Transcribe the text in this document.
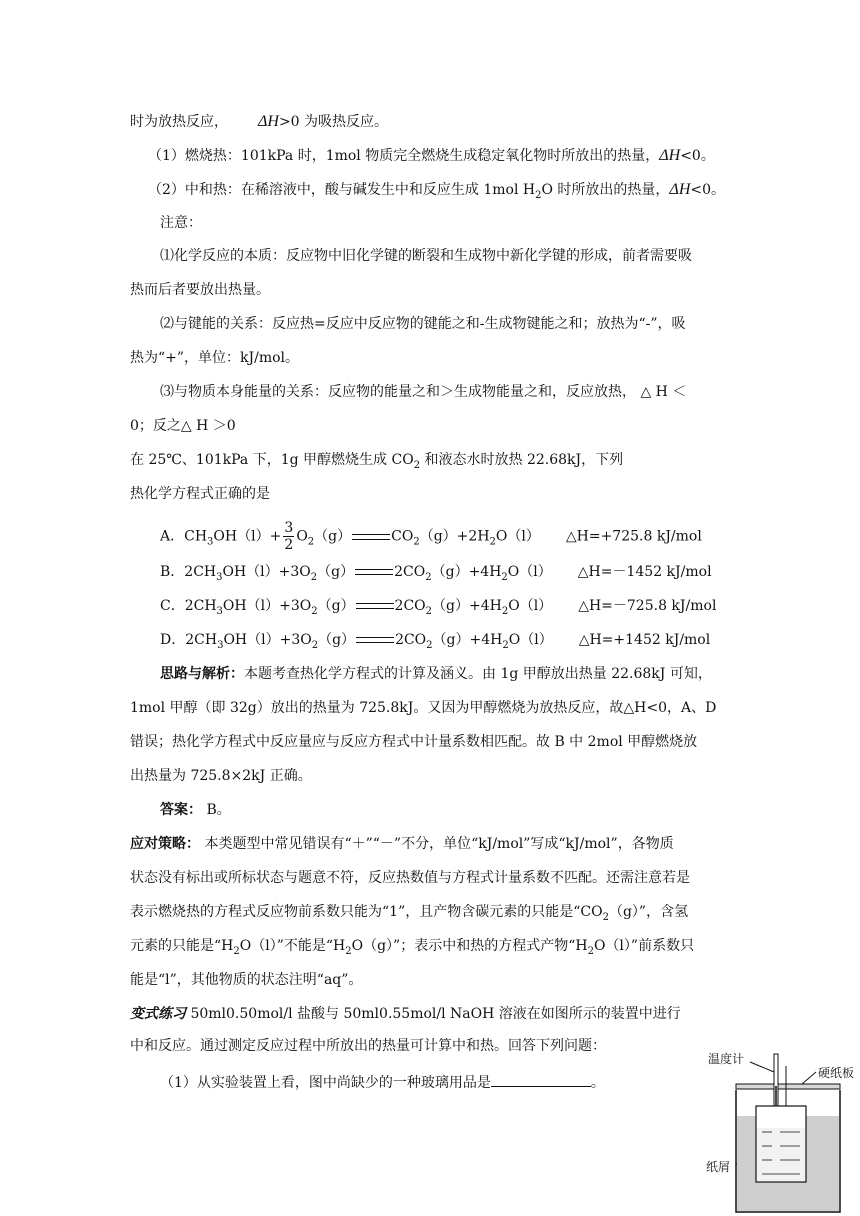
时为放热反应， ΔH>0 为吸热反应。
（1）燃烧热：101kPa 时，1mol 物质完全燃烧生成稳定氧化物时所放出的热量，ΔH<0。
（2）中和热：在稀溶液中，酸与碱发生中和反应生成 1mol $H_2O$ 时所放出的热量，ΔH<0。
注意：
⑴化学反应的本质：反应物中旧化学键的断裂和生成物中新化学键的形成，前者需要吸
热而后者要放出热量。
⑵与键能的关系：反应热=反应中反应物的键能之和-生成物键能之和；放热为“-”，吸
热为“+”，单位：kJ/mol。
⑶与物质本身能量的关系：反应物的能量之和＞生成物能量之和，反应放热， △ H ＜
0；反之△ H ＞0
在 25℃、101kPa 下，1g 甲醇燃烧生成 $CO_2$ 和液态水时放热 22.68kJ，下列
热化学方程式正确的是
A．$CH_3OH(l)+ \frac{3}{2} O_2(g)$	$CO_2(g)+2H_2O(l)$ △H=+725.8 kJ/mol
B．$2CH_3OH(l)+3O_2(g)$	$2CO_2(g)+4H_2O(l)$ △H=－1452 kJ/mol
C．$2CH_3OH(l)+3O_2(g)$	$2CO_2(g)+4H_2O(l)$ △H=－725.8 kJ/mol
D．$2CH_3OH(l)+3O_2(g)$	$2CO_2(g)+4H_2O(l)$ △H=+1452 kJ/mol
思路与解析：本题考查热化学方程式的计算及涵义。由 1g 甲醇放出热量 22.68kJ 可知，
1mol 甲醇（即 32g）放出的热量为 725.8kJ。又因为甲醇燃烧为放热反应，故△H<0，A、D
错误；热化学方程式中反应量应与反应方程式中计量系数相匹配。故 B 中 2mol 甲醇燃烧放
出热量为 725.8×2kJ 正确。
答案： B。
应对策略： 本类题型中常见错误有“＋”“－”不分，单位“kJ/mol”写成“kJ/mol”，各物质
状态没有标出或所标状态与题意不符，反应热数值与方程式计量系数不匹配。还需注意若是
表示燃烧热的方程式反应物前系数只能为“1”，且产物含碳元素的只能是“$CO_2(g)$”，含氢
元素的只能是“$H_2O(l)$”不能是“$H_2O(g)$”；表示中和热的方程式产物“$H_2O(l)$”前系数只
能是“l”，其他物质的状态注明“aq”。
变式练习 50ml0.50mol/l 盐酸与 50ml0.55mol/l NaOH 溶液在如图所示的装置中进行
中和反应。通过测定反应过程中所放出的热量可计算中和热。回答下列问题：
（1）从实验装置上看，图中尚缺少的一种玻璃用品是	。
温度计
硬纸板
纸屑
